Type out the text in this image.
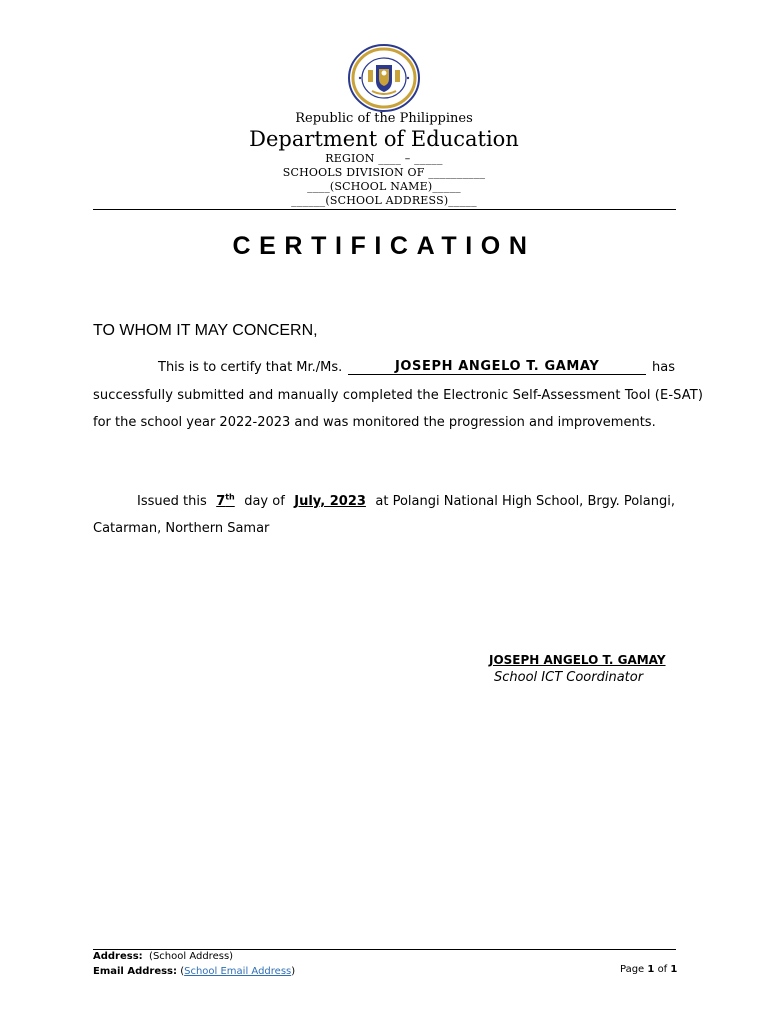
Republic of the Philippines
Department of Education
REGION ____ – _____
SCHOOLS DIVISION OF __________
____(SCHOOL NAME)_____
______(SCHOOL ADDRESS)_____
CERTIFICATION
TO WHOM IT MAY CONCERN,
This is to certify that Mr./Ms.	JOSEPH ANGELO T. GAMAY	has
successfully submitted and manually completed the Electronic Self-Assessment Tool (E-SAT)
for the school year 2022-2023 and was monitored the progression and improvements.
Issued this 7th day of July, 2023 at Polangi National High School, Brgy. Polangi,
Catarman, Northern Samar
JOSEPH ANGELO T. GAMAY
School ICT Coordinator
Address: (School Address)
Email Address: (School Email Address)	Page 1 of 1
